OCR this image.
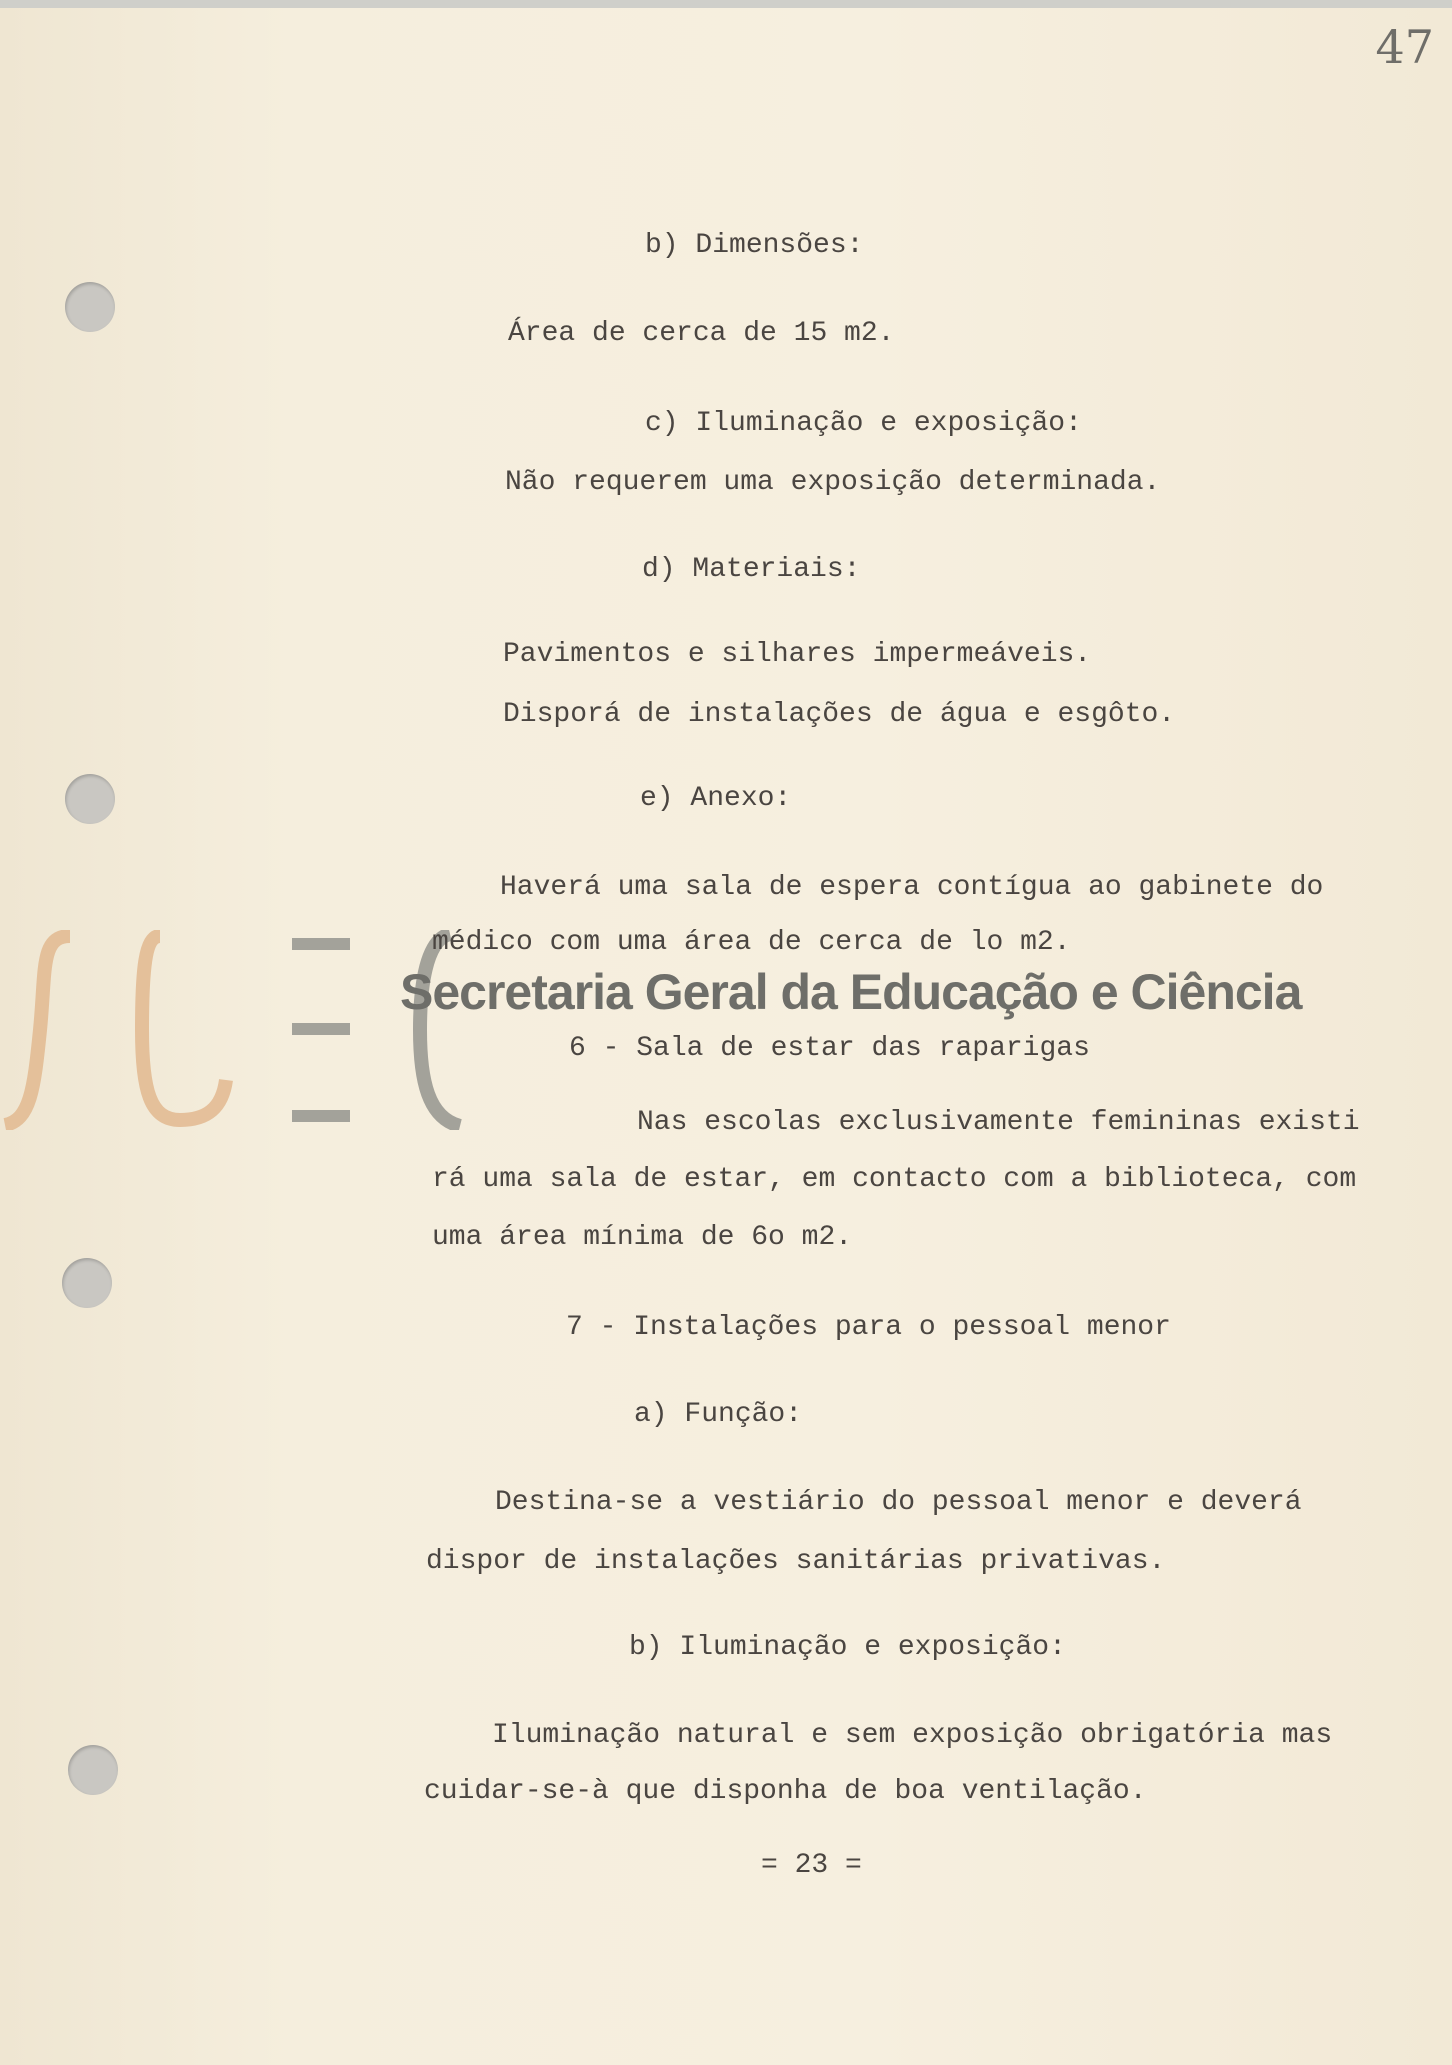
47
b) Dimensões:
Área de cerca de 15 m2.
c) Iluminação e exposição:
Não requerem uma exposição determinada.
d) Materiais:
Pavimentos e silhares impermeáveis.
Disporá de instalações de água e esgôto.
e) Anexo:
Haverá uma sala de espera contígua ao gabinete do
médico com uma área de cerca de lo m2.
6 - Sala de estar das raparigas
Nas escolas exclusivamente femininas existi
rá uma sala de estar, em contacto com a biblioteca, com
uma área mínima de 6o m2.
7 - Instalações para o pessoal menor
a) Função:
Destina-se a vestiário do pessoal menor e deverá
dispor de instalações sanitárias privativas.
b) Iluminação e exposição:
Iluminação natural e sem exposição obrigatória mas
cuidar-se-à que disponha de boa ventilação.
= 23 =
Secretaria Geral da Educação e Ciência
